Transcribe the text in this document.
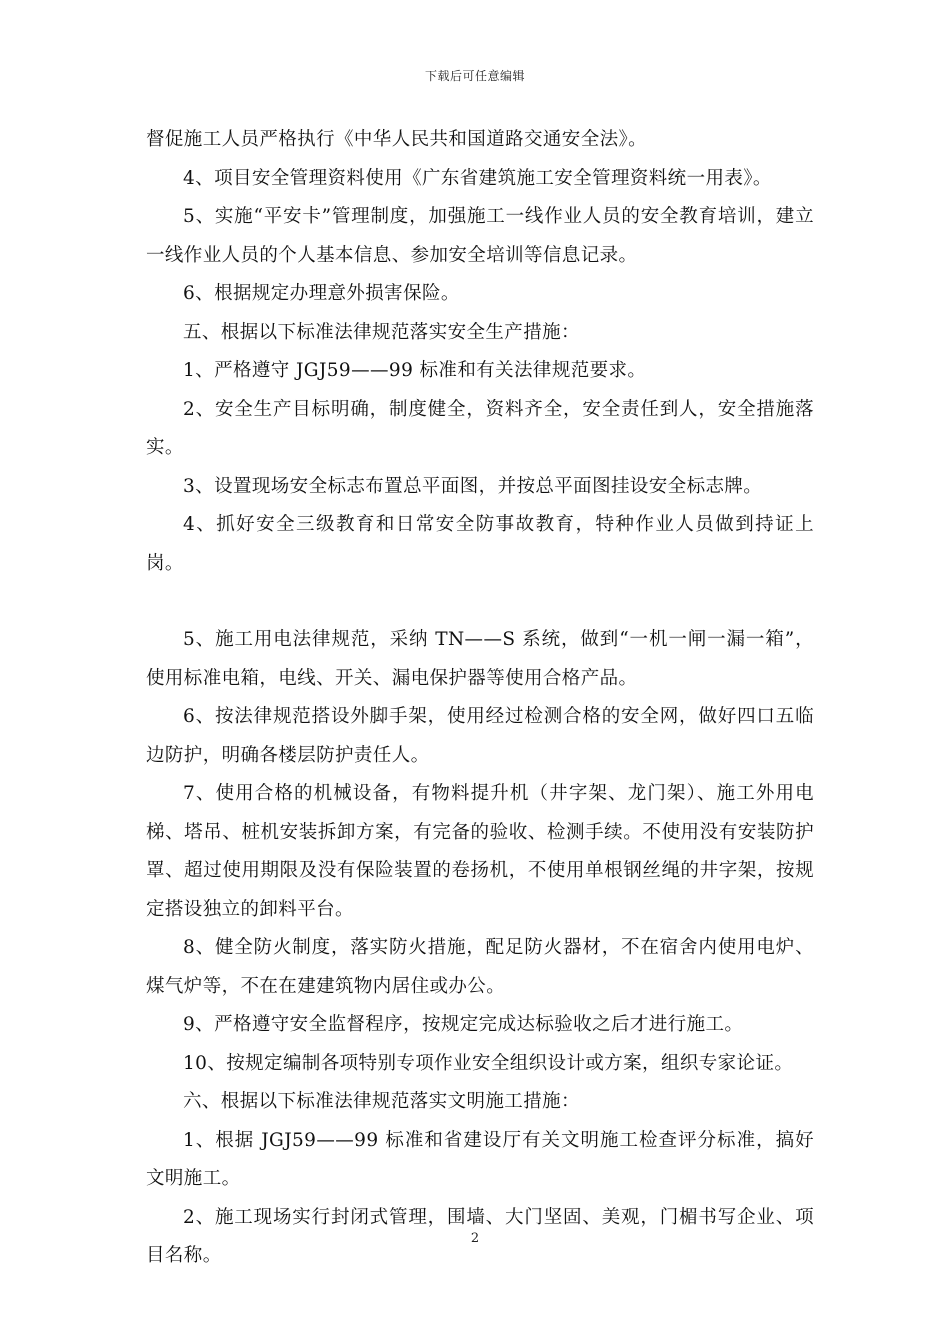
下载后可任意编辑

督促施工人员严格执行《中华人民共和国道路交通安全法》。

4、项目安全管理资料使用《广东省建筑施工安全管理资料统一用表》。

5、实施“平安卡”管理制度，加强施工一线作业人员的安全教育培训，建立一线作业人员的个人基本信息、参加安全培训等信息记录。

6、根据规定办理意外损害保险。

五、根据以下标准法律规范落实安全生产措施：

1、严格遵守 JGJ59——99 标准和有关法律规范要求。

2、安全生产目标明确，制度健全，资料齐全，安全责任到人，安全措施落实。

3、设置现场安全标志布置总平面图，并按总平面图挂设安全标志牌。

4、抓好安全三级教育和日常安全防事故教育，特种作业人员做到持证上岗。

5、施工用电法律规范，采纳 TN——S 系统，做到“一机一闸一漏一箱”，使用标准电箱，电线、开关、漏电保护器等使用合格产品。

6、按法律规范搭设外脚手架，使用经过检测合格的安全网，做好四口五临边防护，明确各楼层防护责任人。

7、使用合格的机械设备，有物料提升机（井字架、龙门架）、施工外用电梯、塔吊、桩机安装拆卸方案，有完备的验收、检测手续。不使用没有安装防护罩、超过使用期限及没有保险装置的卷扬机，不使用单根钢丝绳的井字架，按规定搭设独立的卸料平台。

8、健全防火制度，落实防火措施，配足防火器材，不在宿舍内使用电炉、煤气炉等，不在在建建筑物内居住或办公。

9、严格遵守安全监督程序，按规定完成达标验收之后才进行施工。

10、按规定编制各项特别专项作业安全组织设计或方案，组织专家论证。

六、根据以下标准法律规范落实文明施工措施：

1、根据 JGJ59——99 标准和省建设厅有关文明施工检查评分标准，搞好文明施工。

2、施工现场实行封闭式管理，围墙、大门坚固、美观，门楣书写企业、项目名称。

2
